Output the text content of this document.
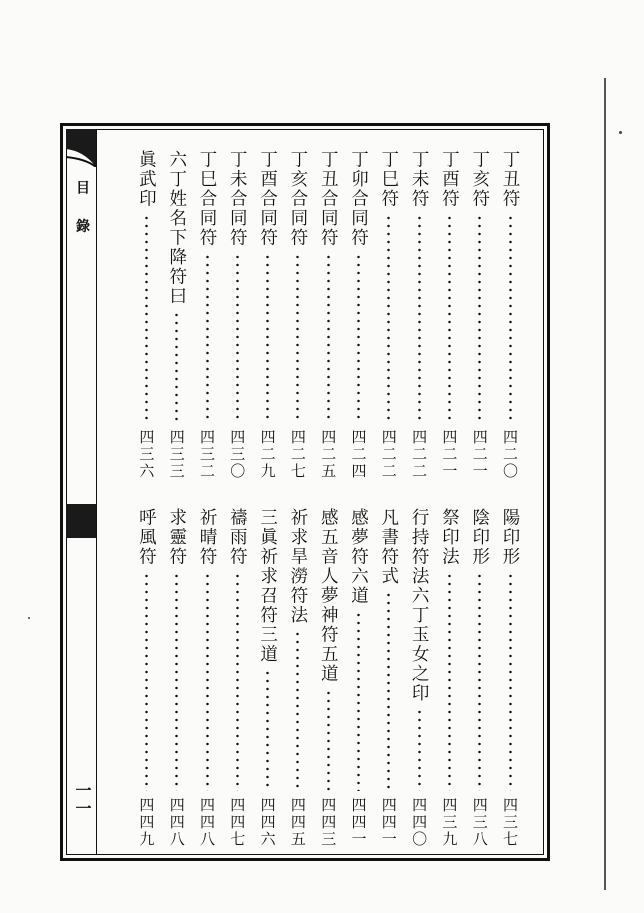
目 錄
一一
丁丑符
四二〇
丁亥符
四二一
丁酉符
四二一
丁未符
四二二
丁巳符
四二二
丁卯合同符
四二四
丁丑合同符
四二五
丁亥合同符
四二七
丁酉合同符
四二九
丁未合同符
四三〇
丁巳合同符
四三二
六丁姓名下降符曰
四三三
眞武印
四三六
陽印形
四三七
陰印形
四三八
祭印法
四三九
行持符法六丁玉女之印
四四〇
凡書符式
四四一
感夢符六道
四四一
感五音人夢神符五道
四四三
祈求旱澇符法
四四五
三眞祈求召符三道
四四六
禱雨符
四四七
祈晴符
四四八
求靈符
四四八
呼風符
四四九
